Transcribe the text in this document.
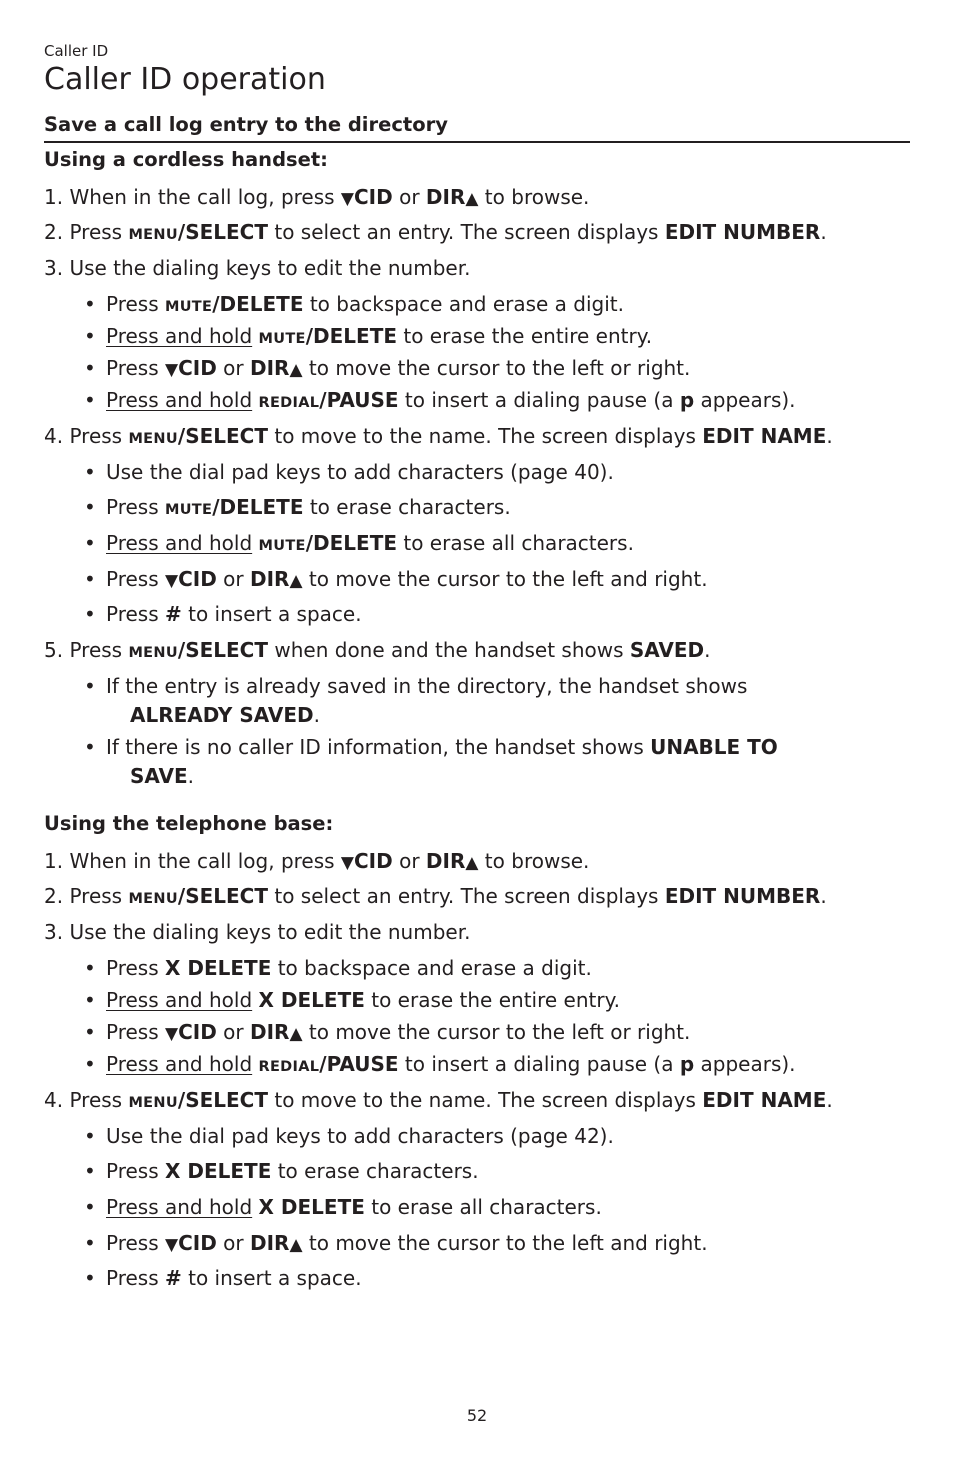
Caller ID
Caller ID operation
Save a call log entry to the directory
Using a cordless handset:
1. When in the call log, press ▼CID or DIR▲ to browse.
2. Press MENU/SELECT to select an entry. The screen displays EDIT NUMBER.
3. Use the dialing keys to edit the number.
• Press MUTE/DELETE to backspace and erase a digit.
• Press and hold MUTE/DELETE to erase the entire entry.
• Press ▼CID or DIR▲ to move the cursor to the left or right.
• Press and hold REDIAL/PAUSE to insert a dialing pause (a p appears).
4. Press MENU/SELECT to move to the name. The screen displays EDIT NAME.
• Use the dial pad keys to add characters (page 40).
• Press MUTE/DELETE to erase characters.
• Press and hold MUTE/DELETE to erase all characters.
• Press ▼CID or DIR▲ to move the cursor to the left and right.
• Press # to insert a space.
5. Press MENU/SELECT when done and the handset shows SAVED.
• If the entry is already saved in the directory, the handset shows
ALREADY SAVED.
• If there is no caller ID information, the handset shows UNABLE TO
SAVE.
Using the telephone base:
1. When in the call log, press ▼CID or DIR▲ to browse.
2. Press MENU/SELECT to select an entry. The screen displays EDIT NUMBER.
3. Use the dialing keys to edit the number.
• Press X DELETE to backspace and erase a digit.
• Press and hold X DELETE to erase the entire entry.
• Press ▼CID or DIR▲ to move the cursor to the left or right.
• Press and hold REDIAL/PAUSE to insert a dialing pause (a p appears).
4. Press MENU/SELECT to move to the name. The screen displays EDIT NAME.
• Use the dial pad keys to add characters (page 42).
• Press X DELETE to erase characters.
• Press and hold X DELETE to erase all characters.
• Press ▼CID or DIR▲ to move the cursor to the left and right.
• Press # to insert a space.
52
